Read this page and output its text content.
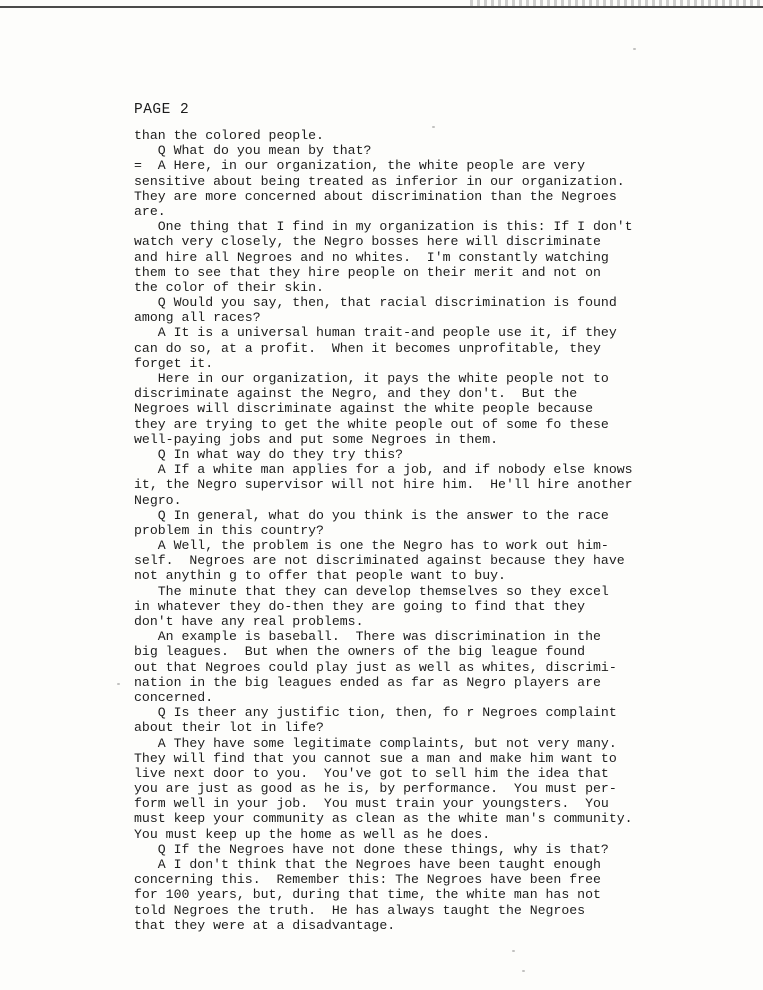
PAGE 2
than the colored people.
Q What do you mean by that?
=  A Here, in our organization, the white people are very
sensitive about being treated as inferior in our organization.
They are more concerned about discrimination than the Negroes
are.
One thing that I find in my organization is this: If I don't
watch very closely, the Negro bosses here will discriminate
and hire all Negroes and no whites.  I'm constantly watching
them to see that they hire people on their merit and not on
the color of their skin.
Q Would you say, then, that racial discrimination is found
among all races?
A It is a universal human trait-and people use it, if they
can do so, at a profit.  When it becomes unprofitable, they
forget it.
Here in our organization, it pays the white people not to
discriminate against the Negro, and they don't.  But the
Negroes will discriminate against the white people because
they are trying to get the white people out of some fo these
well-paying jobs and put some Negroes in them.
Q In what way do they try this?
A If a white man applies for a job, and if nobody else knows
it, the Negro supervisor will not hire him.  He'll hire another
Negro.
Q In general, what do you think is the answer to the race
problem in this country?
A Well, the problem is one the Negro has to work out him-
self.  Negroes are not discriminated against because they have
not anythin g to offer that people want to buy.
The minute that they can develop themselves so they excel
in whatever they do-then they are going to find that they
don't have any real problems.
An example is baseball.  There was discrimination in the
big leagues.  But when the owners of the big league found
out that Negroes could play just as well as whites, discrimi-
nation in the big leagues ended as far as Negro players are
concerned.
Q Is theer any justific tion, then, fo r Negroes complaint
about their lot in life?
A They have some legitimate complaints, but not very many.
They will find that you cannot sue a man and make him want to
live next door to you.  You've got to sell him the idea that
you are just as good as he is, by performance.  You must per-
form well in your job.  You must train your youngsters.  You
must keep your community as clean as the white man's community.
You must keep up the home as well as he does.
Q If the Negroes have not done these things, why is that?
A I don't think that the Negroes have been taught enough
concerning this.  Remember this: The Negroes have been free
for 100 years, but, during that time, the white man has not
told Negroes the truth.  He has always taught the Negroes
that they were at a disadvantage.
